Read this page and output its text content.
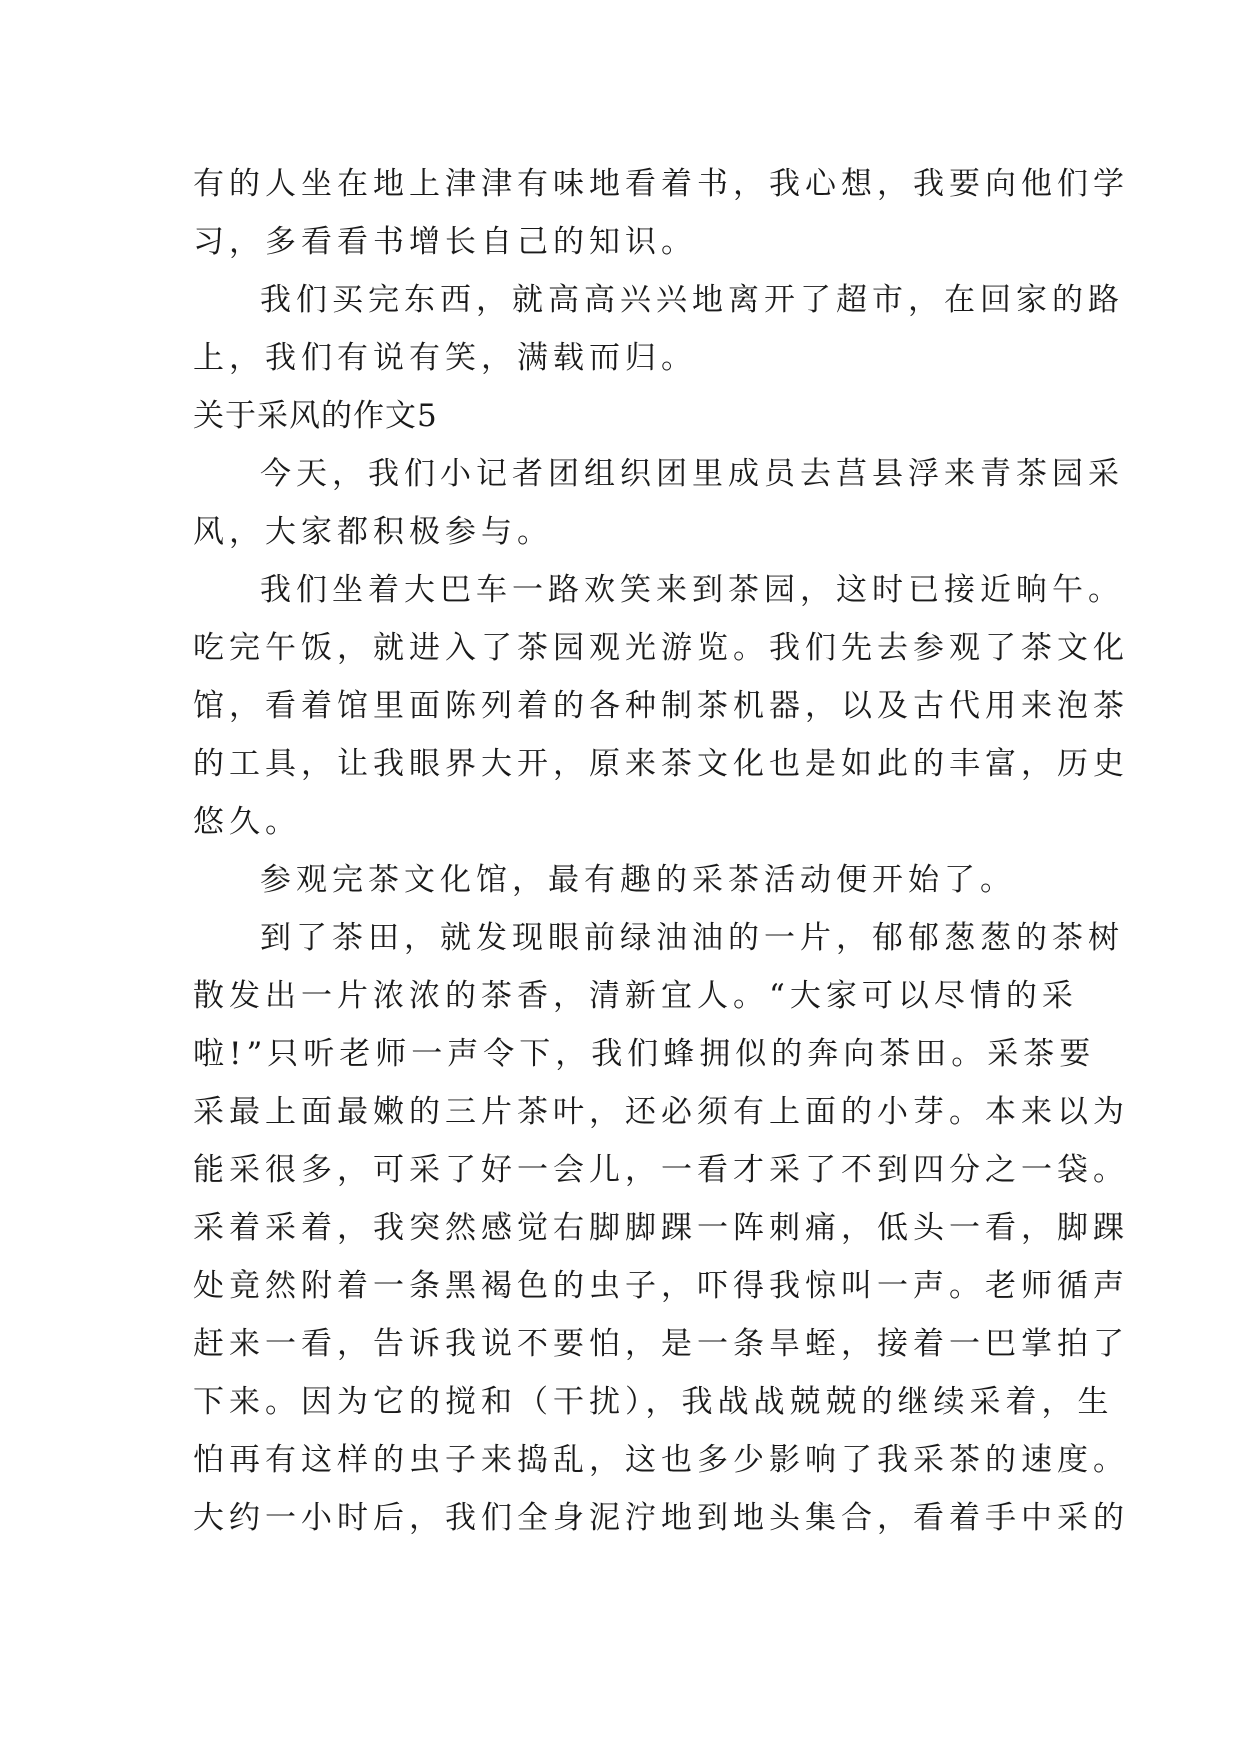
有的人坐在地上津津有味地看着书，我心想，我要向他们学
习，多看看书增长自己的知识。
我们买完东西，就高高兴兴地离开了超市，在回家的路
上，我们有说有笑，满载而归。
关于采风的作文5
今天，我们小记者团组织团里成员去莒县浮来青茶园采
风，大家都积极参与。
我们坐着大巴车一路欢笑来到茶园，这时已接近晌午。
吃完午饭，就进入了茶园观光游览。我们先去参观了茶文化
馆，看着馆里面陈列着的各种制茶机器，以及古代用来泡茶
的工具，让我眼界大开，原来茶文化也是如此的丰富，历史
悠久。
参观完茶文化馆，最有趣的采茶活动便开始了。
到了茶田，就发现眼前绿油油的一片，郁郁葱葱的茶树
散发出一片浓浓的茶香，清新宜人。“大家可以尽情的采
啦!”只听老师一声令下，我们蜂拥似的奔向茶田。采茶要
采最上面最嫩的三片茶叶，还必须有上面的小芽。本来以为
能采很多，可采了好一会儿，一看才采了不到四分之一袋。
采着采着，我突然感觉右脚脚踝一阵刺痛，低头一看，脚踝
处竟然附着一条黑褐色的虫子，吓得我惊叫一声。老师循声
赶来一看，告诉我说不要怕，是一条旱蛭，接着一巴掌拍了
下来。因为它的搅和（干扰），我战战兢兢的继续采着，生
怕再有这样的虫子来捣乱，这也多少影响了我采茶的速度。
大约一小时后，我们全身泥泞地到地头集合，看着手中采的
